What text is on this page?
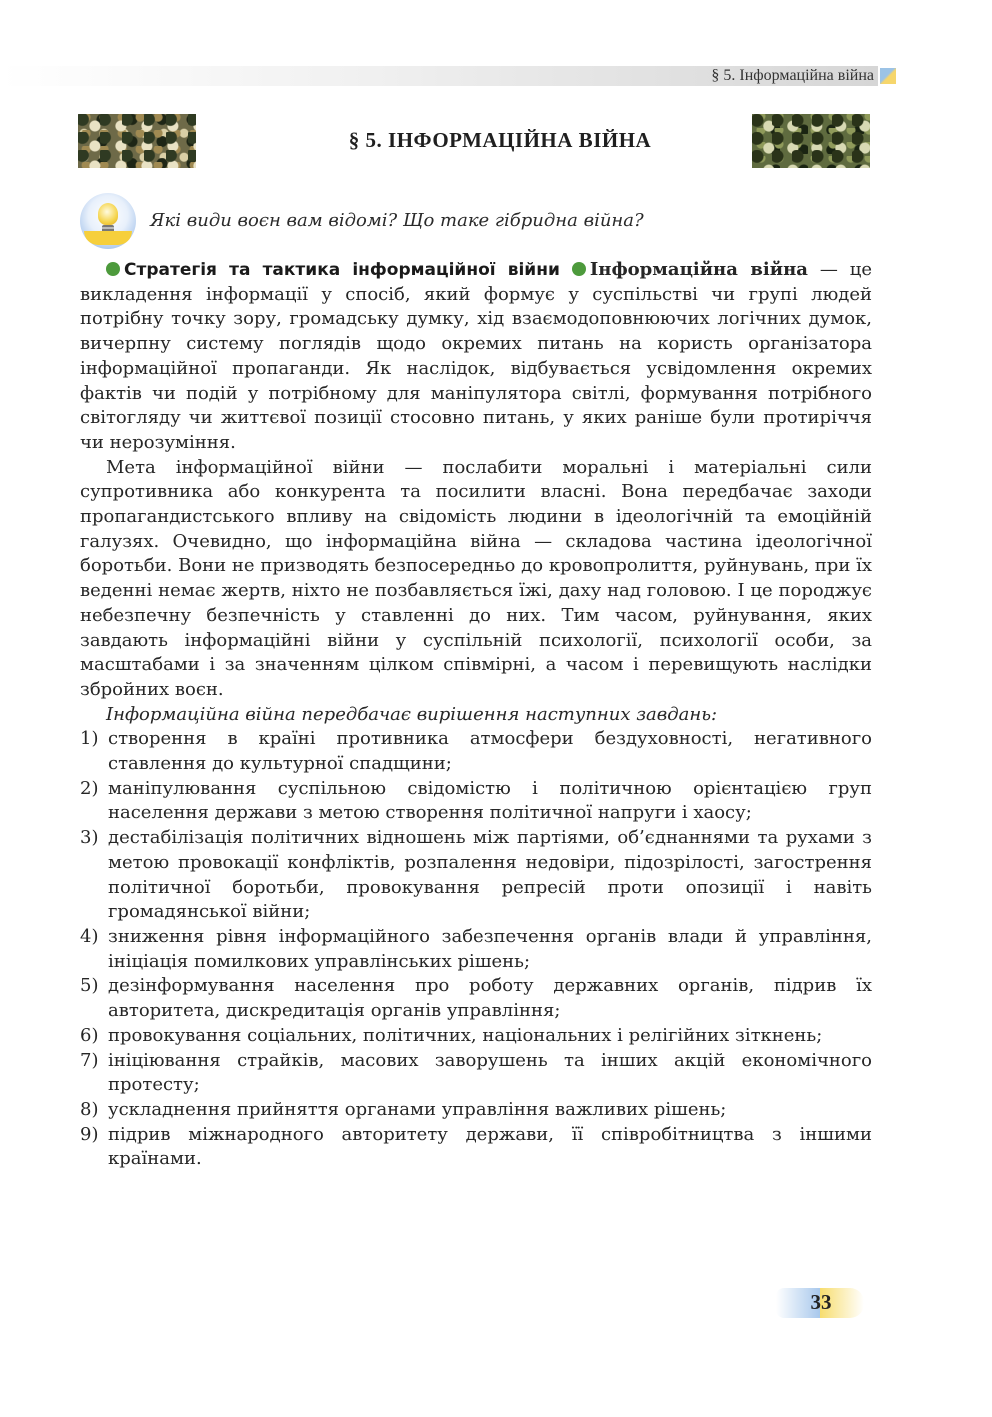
§ 5. Інформаційна війна
§ 5. ІНФОРМАЦІЙНА ВІЙНА

Які види воєн вам відомі? Що таке гібридна війна?

Стратегія та тактика інформаційної війни Інформаційна війна — це викладення інформації у спосіб, який формує у суспільстві чи групі людей потрібну точку зору, громадську думку, хід взаємодоповнюючих логічних думок, вичерпну систему поглядів щодо окремих питань на користь організатора інформаційної пропаганди. Як наслідок, відбувається усвідомлення окремих фактів чи подій у потрібному для маніпулятора світлі, формування потрібного світогляду чи життєвої позиції стосовно питань, у яких раніше були протиріччя чи нерозуміння.

Мета інформаційної війни — послабити моральні і матеріальні сили супротивника або конкурента та посилити власні. Вона передбачає заходи пропагандистського впливу на свідомість людини в ідеологічній та емоційній галузях. Очевидно, що інформаційна війна — складова частина ідеологічної боротьби. Вони не призводять безпосередньо до кровопролиття, руйнувань, при їх веденні немає жертв, ніхто не позбавляється їжі, даху над головою. І це породжує небезпечну безпечність у ставленні до них. Тим часом, руйнування, яких завдають інформаційні війни у суспільній психології, психології особи, за масштабами і за значенням цілком співмірні, а часом і перевищують наслідки збройних воєн.

Інформаційна війна передбачає вирішення наступних завдань:

1) створення в країні противника атмосфери бездуховності, негативного ставлення до культурної спадщини;
2) маніпулювання суспільною свідомістю і політичною орієнтацією груп населення держави з метою створення політичної напруги і хаосу;
3) дестабілізація політичних відношень між партіями, об’єднаннями та рухами з метою провокації конфліктів, розпалення недовіри, підозрілості, загострення політичної боротьби, провокування репресій проти опозиції і навіть громадянської війни;
4) зниження рівня інформаційного забезпечення органів влади й управління, ініціація помилкових управлінських рішень;
5) дезінформування населення про роботу державних органів, підрив їх авторитета, дискредитація органів управління;
6) провокування соціальних, політичних, національних і релігійних зіткнень;
7) ініціювання страйків, масових заворушень та інших акцій економічного протесту;
8) ускладнення прийняття органами управління важливих рішень;
9) підрив міжнародного авторитету держави, її співробітництва з іншими країнами.
33
